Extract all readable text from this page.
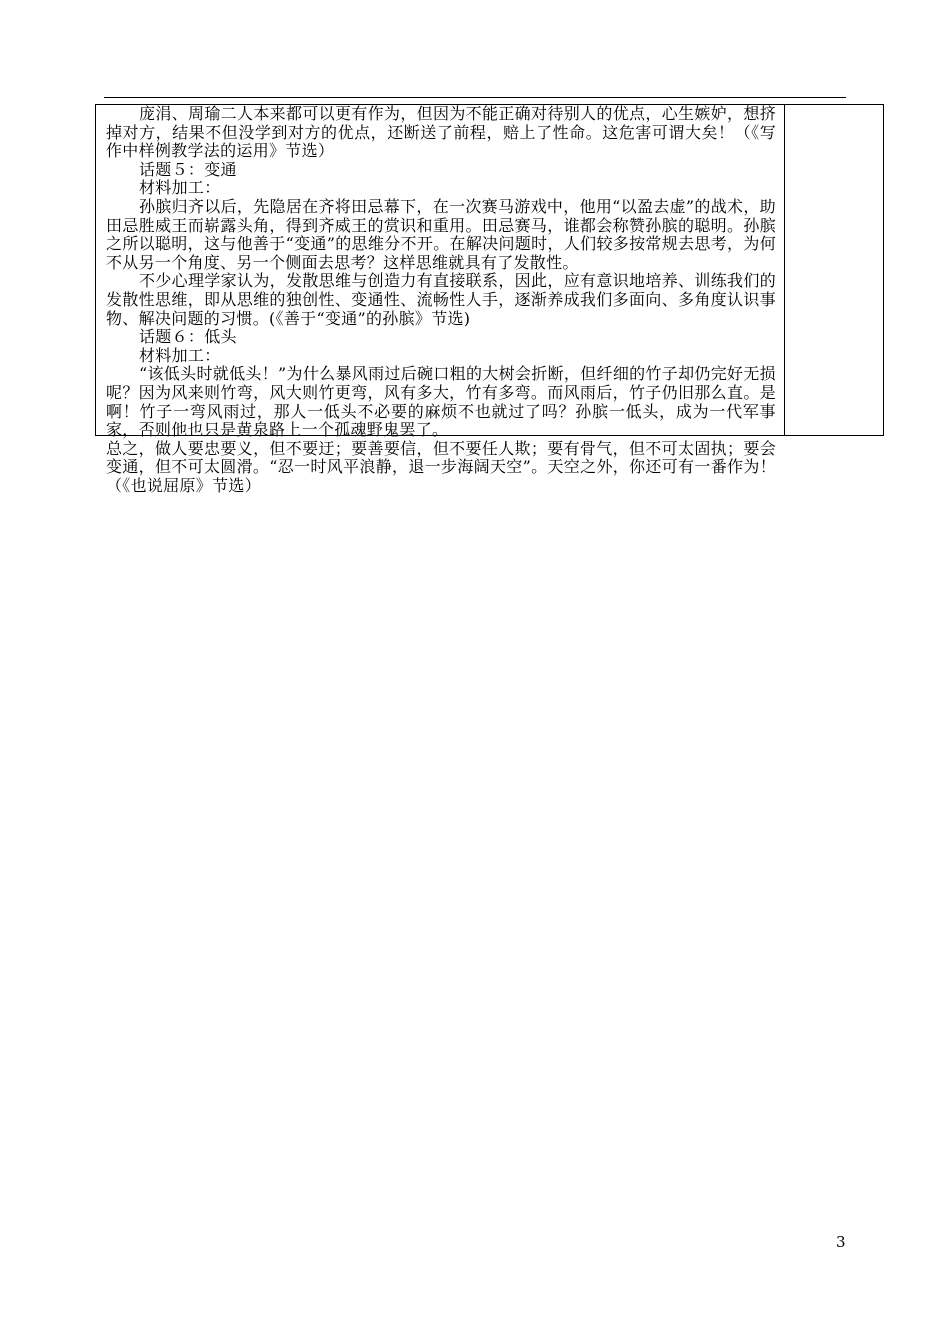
庞涓、周瑜二人本来都可以更有作为，但因为不能正确对待别人的优点，心生嫉妒，想挤掉对方，结果不但没学到对方的优点，还断送了前程，赔上了性命。这危害可谓大矣！（《写作中样例教学法的运用》节选）

话题５：变通

材料加工：

孙膑归齐以后，先隐居在齐将田忌幕下，在一次赛马游戏中，他用“以盈去虚”的战术，助田忌胜威王而崭露头角，得到齐威王的赏识和重用。田忌赛马，谁都会称赞孙膑的聪明。孙膑之所以聪明，这与他善于“变通”的思维分不开。在解决问题时，人们较多按常规去思考，为何不从另一个角度、另一个侧面去思考？这样思维就具有了发散性。

不少心理学家认为，发散思维与创造力有直接联系，因此，应有意识地培养、训练我们的发散性思维，即从思维的独创性、变通性、流畅性人手，逐渐养成我们多面向、多角度认识事物、解决问题的习惯。(《善于“变通”的孙膑》节选)

话题６：低头

材料加工：

“该低头时就低头！”为什么暴风雨过后碗口粗的大树会折断，但纤细的竹子却仍完好无损呢？因为风来则竹弯，风大则竹更弯，风有多大，竹有多弯。而风雨后，竹子仍旧那么直。是啊！竹子一弯风雨过，那人一低头不必要的麻烦不也就过了吗？孙膑一低头，成为一代军事家，否则他也只是黄泉路上一个孤魂野鬼罢了。

总之，做人要忠要义，但不要迂；要善要信，但不要任人欺；要有骨气，但不可太固执；要会变通，但不可太圆滑。“忍一时风平浪静，退一步海阔天空”。天空之外，你还可有一番作为！（《也说屈原》节选）

3
